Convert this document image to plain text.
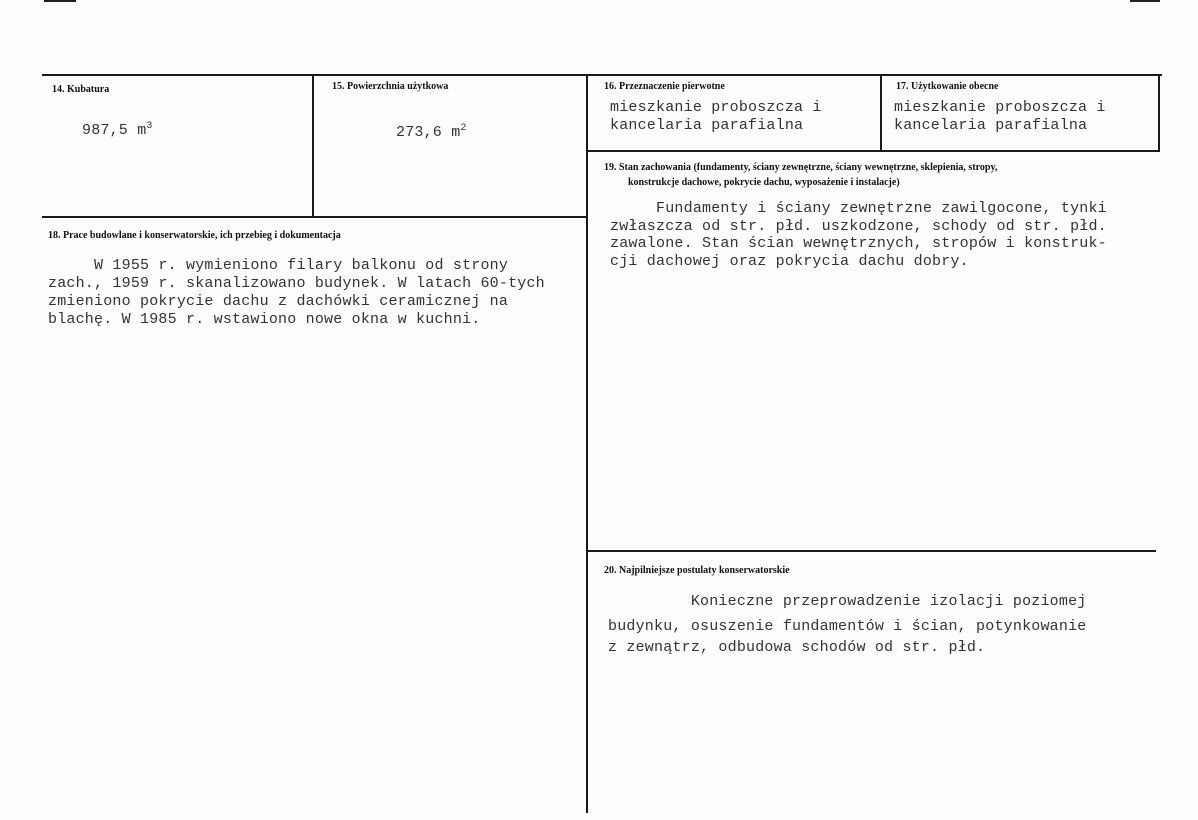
14. Kubatura
987,5 $m^3$
15. Powierzchnia użytkowa
273,6 $m^2$
16. Przeznaczenie pierwotne
mieszkanie proboszcza i
kancelaria parafialna
17. Użytkowanie obecne
mieszkanie proboszcza i
kancelaria parafialna
19. Stan zachowania (fundamenty, ściany zewnętrzne, ściany wewnętrzne, sklepienia, stropy,
konstrukcje dachowe, pokrycie dachu, wyposażenie i instalacje)
Fundamenty i ściany zewnętrzne zawilgocone, tynki
zwłaszcza od str. płd. uszkodzone, schody od str. płd.
zawalone. Stan ścian wewnętrznych, stropów i konstruk-
cji dachowej oraz pokrycia dachu dobry.
18. Prace budowlane i konserwatorskie, ich przebieg i dokumentacja
W 1955 r. wymieniono filary balkonu od strony
zach., 1959 r. skanalizowano budynek. W latach 60-tych
zmieniono pokrycie dachu z dachówki ceramicznej na
blachę. W 1985 r. wstawiono nowe okna w kuchni.
20. Najpilniejsze postulaty konserwatorskie
Konieczne przeprowadzenie izolacji poziomej
budynku, osuszenie fundamentów i ścian, potynkowanie
z zewnątrz, odbudowa schodów od str. płd.
